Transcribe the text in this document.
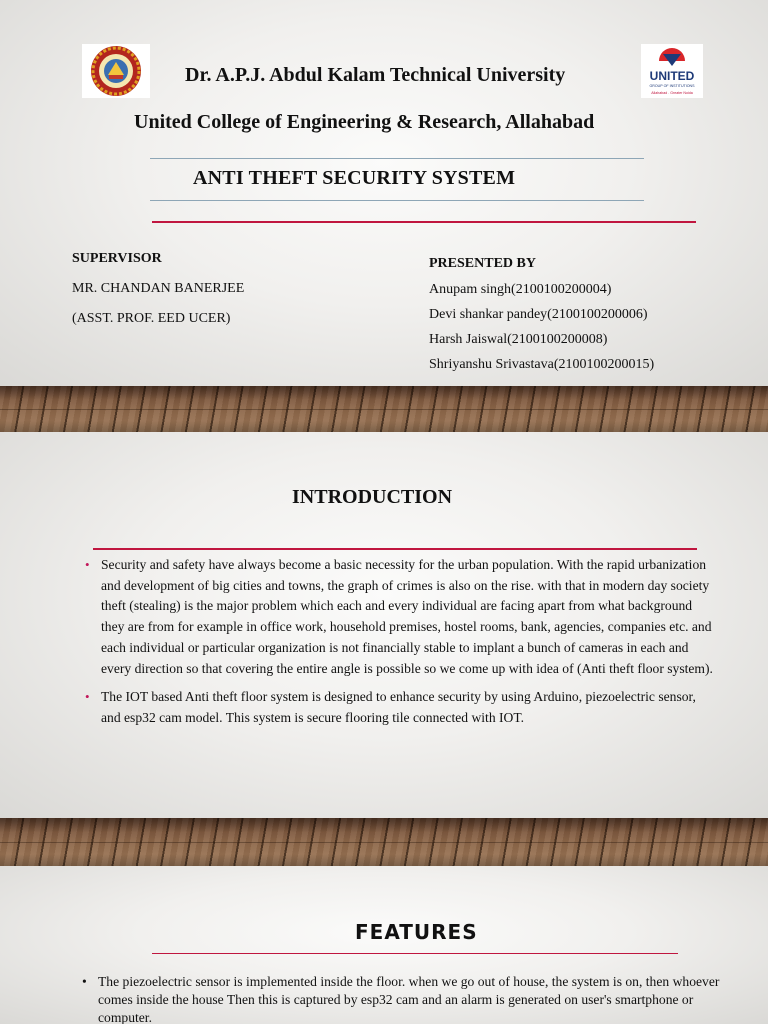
Dr. A.P.J. Abdul Kalam Technical University	UNITED
GROUP OF INSTITUTIONS
Allahabad . Greater Noida
United College of Engineering & Research, Allahabad
ANTI THEFT SECURITY SYSTEM
SUPERVISOR
MR. CHANDAN BANERJEE
(ASST. PROF. EED UCER)
PRESENTED BY
Anupam singh(2100100200004)
Devi shankar pandey(2100100200006)
Harsh Jaiswal(2100100200008)
Shriyanshu Srivastava(2100100200015)
INTRODUCTION
• Security and safety have always become a basic necessity for the urban population. With the rapid urbanization and development of big cities and towns, the graph of crimes is also on the rise. with that in modern day society theft (stealing) is the major problem which each and every individual are facing apart from what background they are from for example in office work, household premises, hostel rooms, bank, agencies, companies etc. and each individual or particular organization is not financially stable to implant a bunch of cameras in each and every direction so that covering the entire angle is possible so we come up with idea of (Anti theft floor system).
• The IOT based Anti theft floor system is designed to enhance security by using Arduino, piezoelectric sensor, and esp32 cam model. This system is secure flooring tile connected with IOT.
FEATURES
• The piezoelectric sensor is implemented inside the floor. when we go out of house, the system is on, then whoever comes inside the house Then this is captured by esp32 cam and an alarm is generated on user's smartphone or computer.
